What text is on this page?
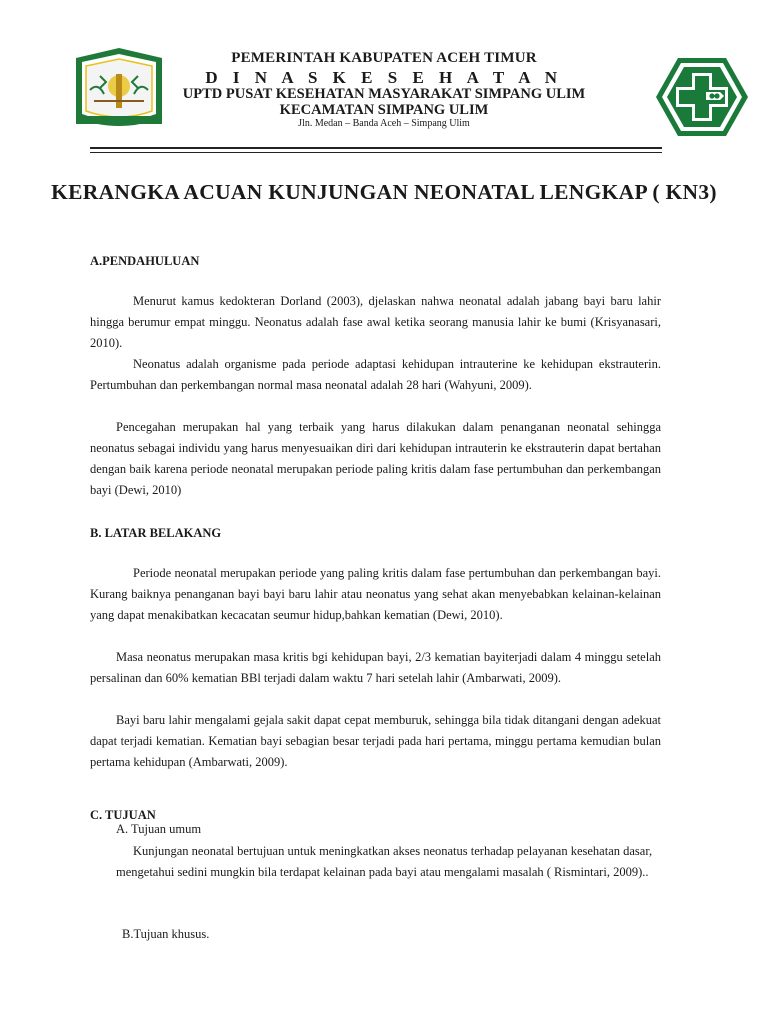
PEMERINTAH KABUPATEN ACEH TIMUR
D I N A S K E S E H A T A N
UPTD PUSAT KESEHATAN MASYARAKAT SIMPANG ULIM
KECAMATAN SIMPANG ULIM
Jln. Medan – Banda Aceh – Simpang Ulim
KERANGKA ACUAN KUNJUNGAN NEONATAL LENGKAP ( KN3)
A.PENDAHULUAN
Menurut kamus kedokteran Dorland (2003), djelaskan nahwa neonatal adalah jabang bayi baru lahir hingga berumur empat minggu. Neonatus adalah fase awal ketika seorang manusia lahir ke bumi (Krisyanasari, 2010).
Neonatus adalah organisme pada periode adaptasi kehidupan intrauterine ke kehidupan ekstrauterin. Pertumbuhan dan perkembangan normal masa neonatal adalah 28 hari (Wahyuni, 2009).
Pencegahan merupakan hal yang terbaik yang harus dilakukan dalam penanganan neonatal sehingga neonatus sebagai individu yang harus menyesuaikan diri dari kehidupan intrauterin ke ekstrauterin dapat bertahan dengan baik karena periode neonatal merupakan periode paling kritis dalam fase pertumbuhan dan perkembangan bayi (Dewi, 2010)
B. LATAR BELAKANG
Periode neonatal merupakan periode yang paling kritis dalam fase pertumbuhan dan perkembangan bayi. Kurang baiknya penanganan bayi bayi baru lahir atau neonatus yang sehat akan menyebabkan kelainan-kelainan yang dapat menakibatkan kecacatan seumur hidup,bahkan kematian (Dewi, 2010).
Masa neonatus merupakan masa kritis bgi kehidupan bayi, 2/3 kematian bayiterjadi dalam 4 minggu setelah persalinan dan 60% kematian BBl terjadi dalam waktu 7 hari setelah lahir (Ambarwati, 2009).
Bayi baru lahir mengalami gejala sakit dapat cepat memburuk, sehingga bila tidak ditangani dengan adekuat dapat terjadi kematian. Kematian bayi sebagian besar terjadi pada hari pertama, minggu pertama kemudian bulan pertama kehidupan (Ambarwati, 2009).
C. TUJUAN
A. Tujuan umum
Kunjungan neonatal bertujuan untuk meningkatkan akses neonatus terhadap pelayanan kesehatan dasar, mengetahui sedini mungkin bila terdapat kelainan pada bayi atau mengalami masalah ( Rismintari, 2009)..
B.Tujuan khusus.
